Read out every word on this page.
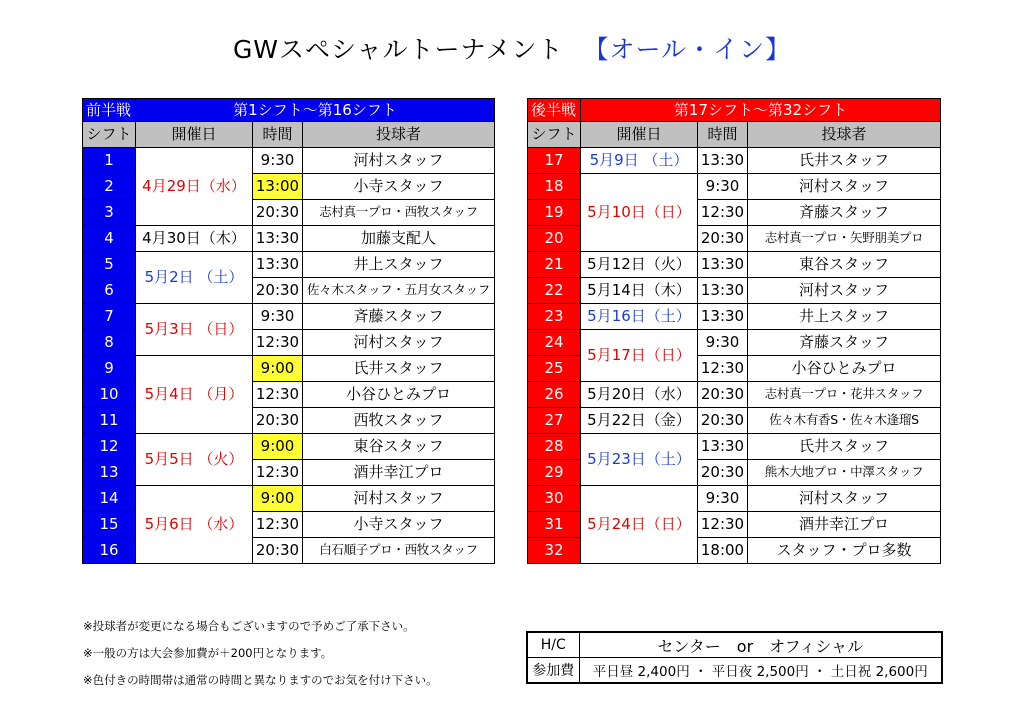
GWスペシャルトーナメント 【オール・イン】
前半戦	第1シフト～第16シフト		
シフト	開催日	時間	投球者
1	4月29日（水）	9:30	河村スタッフ
2		13:00	小寺スタッフ
3		20:30	志村真一プロ・西牧スタッフ
4	4月30日（木）	13:30	加藤支配人
5	5月2日 （土）	13:30	井上スタッフ
6		20:30	佐々木スタッフ・五月女スタッフ
7	5月3日 （日）	9:30	斉藤スタッフ
8		12:30	河村スタッフ
9	5月4日 （月）	9:00	氏井スタッフ
10		12:30	小谷ひとみプロ
11		20:30	西牧スタッフ
12	5月5日 （火）	9:00	東谷スタッフ
13		12:30	酒井幸江プロ
14	5月6日 （水）	9:00	河村スタッフ
15		12:30	小寺スタッフ
16		20:30	白石順子プロ・西牧スタッフ
後半戦	第17シフト～第32シフト		
シフト	開催日	時間	投球者
17	5月9日 （土）	13:30	氏井スタッフ
18	5月10日（日）	9:30	河村スタッフ
19		12:30	斉藤スタッフ
20		20:30	志村真一プロ・矢野朋美プロ
21	5月12日（火）	13:30	東谷スタッフ
22	5月14日（木）	13:30	河村スタッフ
23	5月16日（土）	13:30	井上スタッフ
24	5月17日（日）	9:30	斉藤スタッフ
25		12:30	小谷ひとみプロ
26	5月20日（水）	20:30	志村真一プロ・花井スタッフ
27	5月22日（金）	20:30	佐々木有香S・佐々木逢瑠S
28	5月23日（土）	13:30	氏井スタッフ
29		20:30	熊木大地プロ・中澤スタッフ
30	5月24日（日）	9:30	河村スタッフ
31		12:30	酒井幸江プロ
32		18:00	スタッフ・プロ多数
※投球者が変更になる場合もございますので予めご了承下さい。
※一般の方は大会参加費が＋200円となります。
※色付きの時間帯は通常の時間と異なりますのでお気を付け下さい。
H/C	センター　or　オフィシャル
参加費	平日昼 2,400円 ・ 平日夜 2,500円 ・ 土日祝 2,600円
